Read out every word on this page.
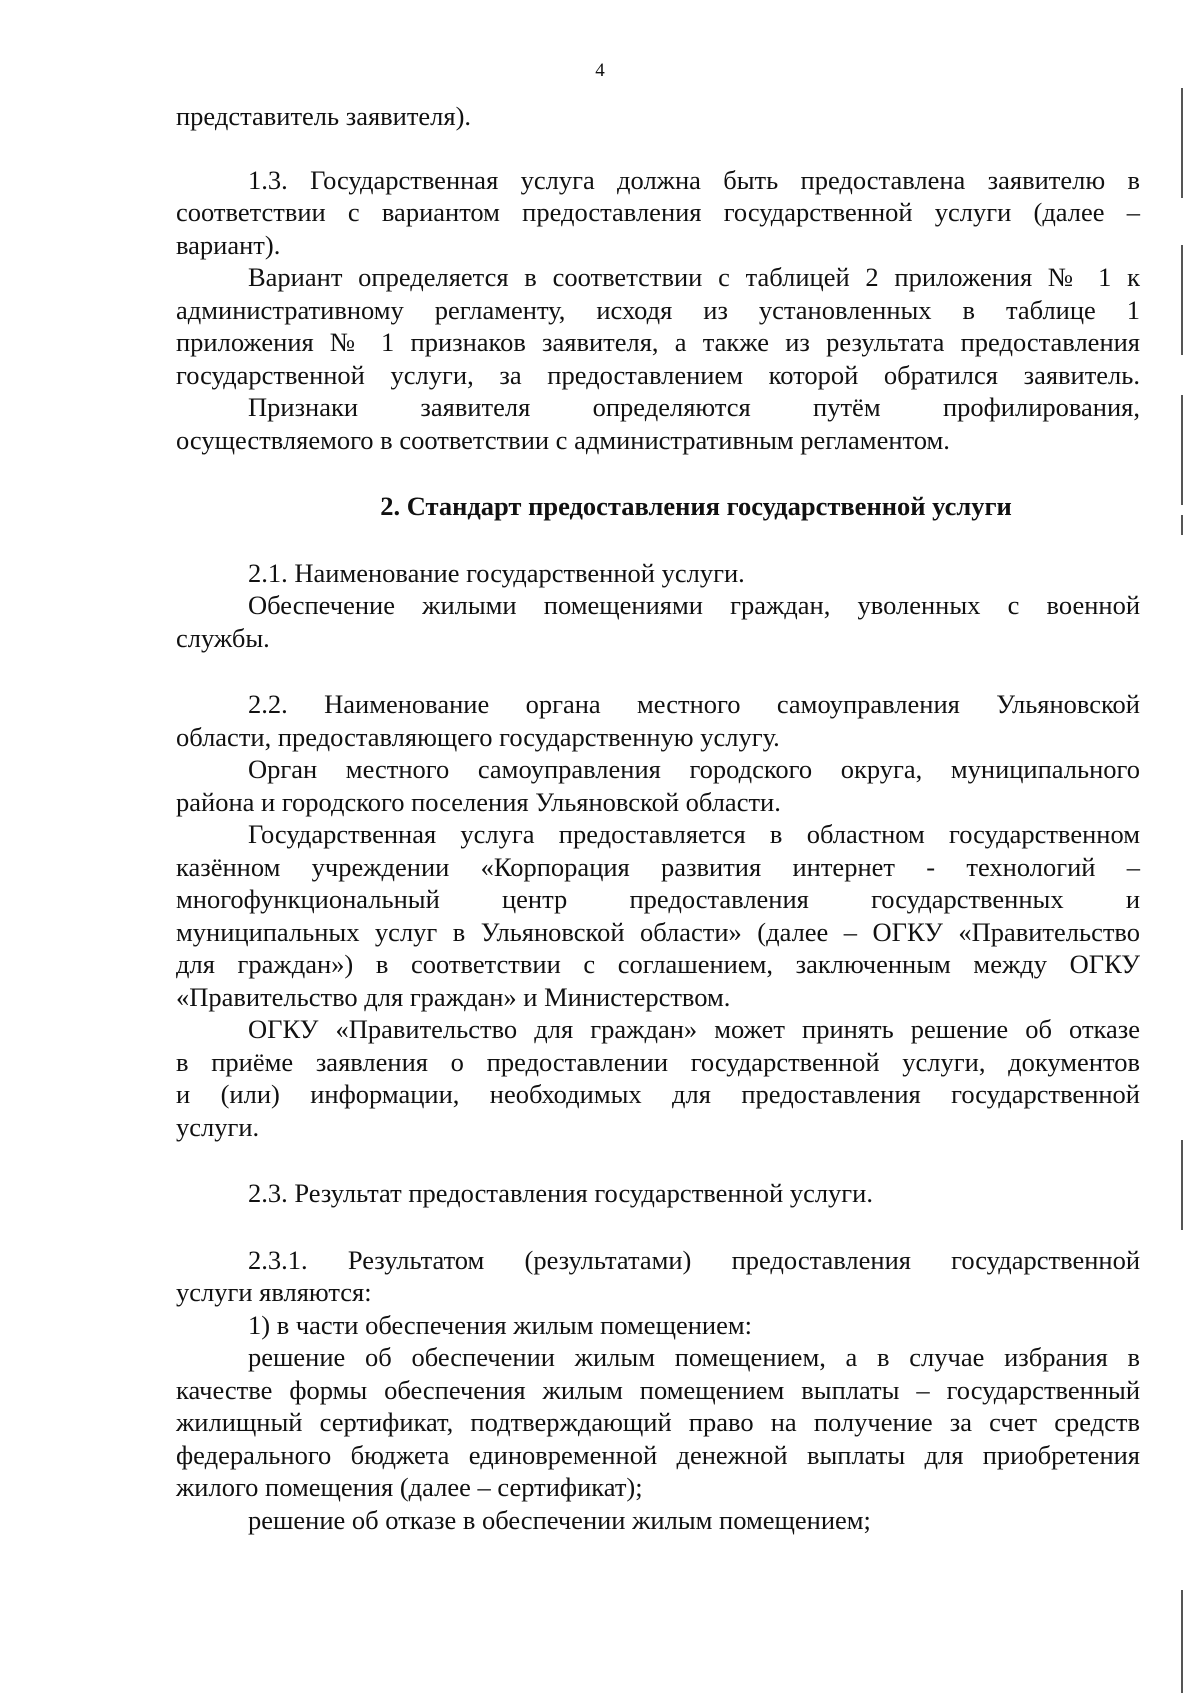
4
представитель заявителя).
1.3. Государственная услуга должна быть предоставлена заявителю в
соответствии с вариантом предоставления государственной услуги (далее –
вариант).
Вариант определяется в соответствии с таблицей 2 приложения № 1 к
административному регламенту, исходя из установленных в таблице 1
приложения № 1 признаков заявителя, а также из результата предоставления
государственной услуги, за предоставлением которой обратился заявитель.
Признаки заявителя определяются путём профилирования,
осуществляемого в соответствии с административным регламентом.
2. Стандарт предоставления государственной услуги
2.1. Наименование государственной услуги.
Обеспечение жилыми помещениями граждан, уволенных с военной
службы.
2.2. Наименование органа местного самоуправления Ульяновской
области, предоставляющего государственную услугу.
Орган местного самоуправления городского округа, муниципального
района и городского поселения Ульяновской области.
Государственная услуга предоставляется в областном государственном
казённом учреждении «Корпорация развития интернет - технологий –
многофункциональный центр предоставления государственных и
муниципальных услуг в Ульяновской области» (далее – ОГКУ «Правительство
для граждан») в соответствии с соглашением, заключенным между ОГКУ
«Правительство для граждан» и Министерством.
ОГКУ «Правительство для граждан» может принять решение об отказе
в приёме заявления о предоставлении государственной услуги, документов
и (или) информации, необходимых для предоставления государственной
услуги.
2.3. Результат предоставления государственной услуги.
2.3.1. Результатом (результатами) предоставления государственной
услуги являются:
1) в части обеспечения жилым помещением:
решение об обеспечении жилым помещением, а в случае избрания в
качестве формы обеспечения жилым помещением выплаты – государственный
жилищный сертификат, подтверждающий право на получение за счет средств
федерального бюджета единовременной денежной выплаты для приобретения
жилого помещения (далее – сертификат);
решение об отказе в обеспечении жилым помещением;
